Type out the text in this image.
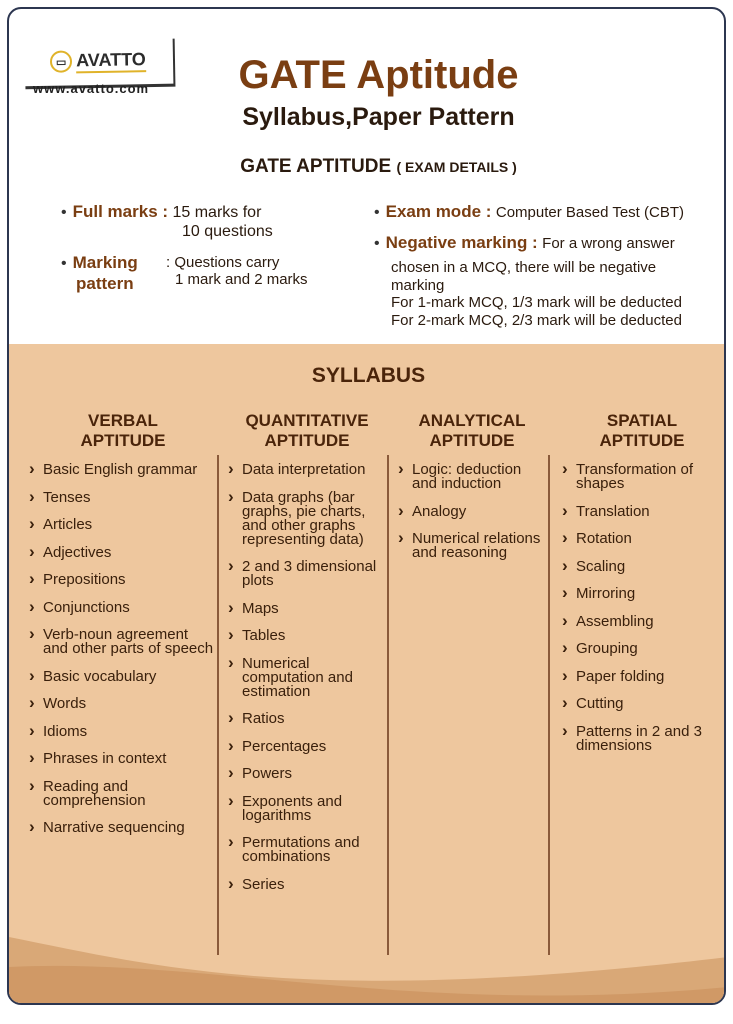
▭ AVATTO
www.avatto.com	GATE Aptitude
Syllabus,Paper Pattern
GATE APTITUDE ( EXAM DETAILS )
• Full marks : 15 marks for
10 questions
• Marking
pattern
: Questions carry
1 mark and 2 marks
• Exam mode : Computer Based Test (CBT)
• Negative marking : For a wrong answer
chosen in a MCQ, there will be negative
marking
For 1-mark MCQ, 1/3 mark will be deducted
For 2-mark MCQ, 2/3 mark will be deducted
SYLLABUS
VERBAL
APTITUDE
› Basic English grammar
› Tenses
› Articles
› Adjectives
› Prepositions
› Conjunctions
› Verb-noun agreement and other parts of speech
› Basic vocabulary
› Words
› Idioms
› Phrases in context
› Reading and comprehension
› Narrative sequencing
QUANTITATIVE
APTITUDE
› Data interpretation
› Data graphs (bar graphs, pie charts, and other graphs representing data)
› 2 and 3 dimensional plots
› Maps
› Tables
› Numerical computation and estimation
› Ratios
› Percentages
› Powers
› Exponents and logarithms
› Permutations and combinations
› Series
ANALYTICAL
APTITUDE
› Logic: deduction and induction
› Analogy
› Numerical relations and reasoning
SPATIAL
APTITUDE
› Transformation of shapes
› Translation
› Rotation
› Scaling
› Mirroring
› Assembling
› Grouping
› Paper folding
› Cutting
› Patterns in 2 and 3 dimensions
